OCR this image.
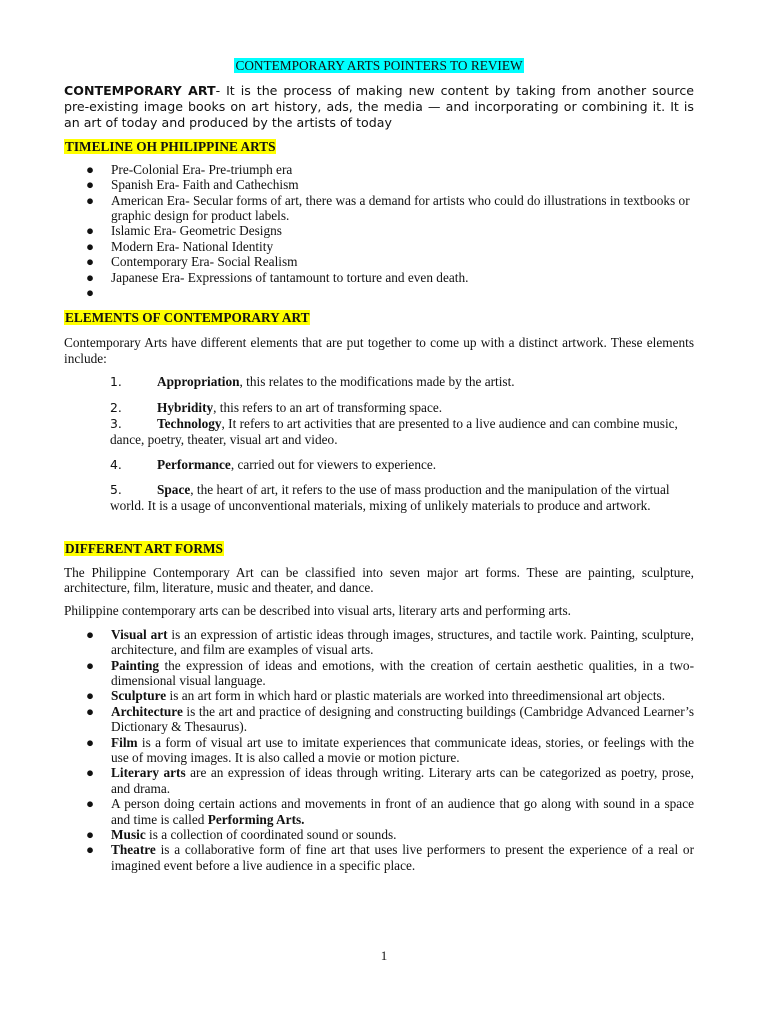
CONTEMPORARY ARTS POINTERS TO REVIEW

CONTEMPORARY ART- It is the process of making new content by taking from another source pre-existing image books on art history, ads, the media — and incorporating or combining it. It is an art of today and produced by the artists of today

TIMELINE OH PHILIPPINE ARTS
● Pre-Colonial Era- Pre-triumph era
● Spanish Era- Faith and Cathechism
● American Era- Secular forms of art, there was a demand for artists who could do illustrations in textbooks or graphic design for product labels.
● Islamic Era- Geometric Designs
● Modern Era- National Identity
● Contemporary Era- Social Realism
● Japanese Era- Expressions of tantamount to torture and even death.
●
ELEMENTS OF CONTEMPORARY ART

Contemporary Arts have different elements that are put together to come up with a distinct artwork. These elements include:

1.	Appropriation, this relates to the modifications made by the artist.
2.	Hybridity, this refers to an art of transforming space.
3.	Technology, It refers to art activities that are presented to a live audience and can combine music, dance, poetry, theater, visual art and video.
4.	Performance, carried out for viewers to experience.
5.	Space, the heart of art, it refers to the use of mass production and the manipulation of the virtual world. It is a usage of unconventional materials, mixing of unlikely materials to produce and artwork.
DIFFERENT ART FORMS

The Philippine Contemporary Art can be classified into seven major art forms. These are painting, sculpture, architecture, film, literature, music and theater, and dance.

Philippine contemporary arts can be described into visual arts, literary arts and performing arts.

● Visual art is an expression of artistic ideas through images, structures, and tactile work. Painting, sculpture, architecture, and film are examples of visual arts.
● Painting the expression of ideas and emotions, with the creation of certain aesthetic qualities, in a two-dimensional visual language.
● Sculpture is an art form in which hard or plastic materials are worked into threedimensional art objects.
● Architecture is the art and practice of designing and constructing buildings (Cambridge Advanced Learner’s Dictionary & Thesaurus).
● Film is a form of visual art use to imitate experiences that communicate ideas, stories, or feelings with the use of moving images. It is also called a movie or motion picture.
● Literary arts are an expression of ideas through writing. Literary arts can be categorized as poetry, prose, and drama.
● A person doing certain actions and movements in front of an audience that go along with sound in a space and time is called Performing Arts.
● Music is a collection of coordinated sound or sounds.
● Theatre is a collaborative form of fine art that uses live performers to present the experience of a real or imagined event before a live audience in a specific place.
1
